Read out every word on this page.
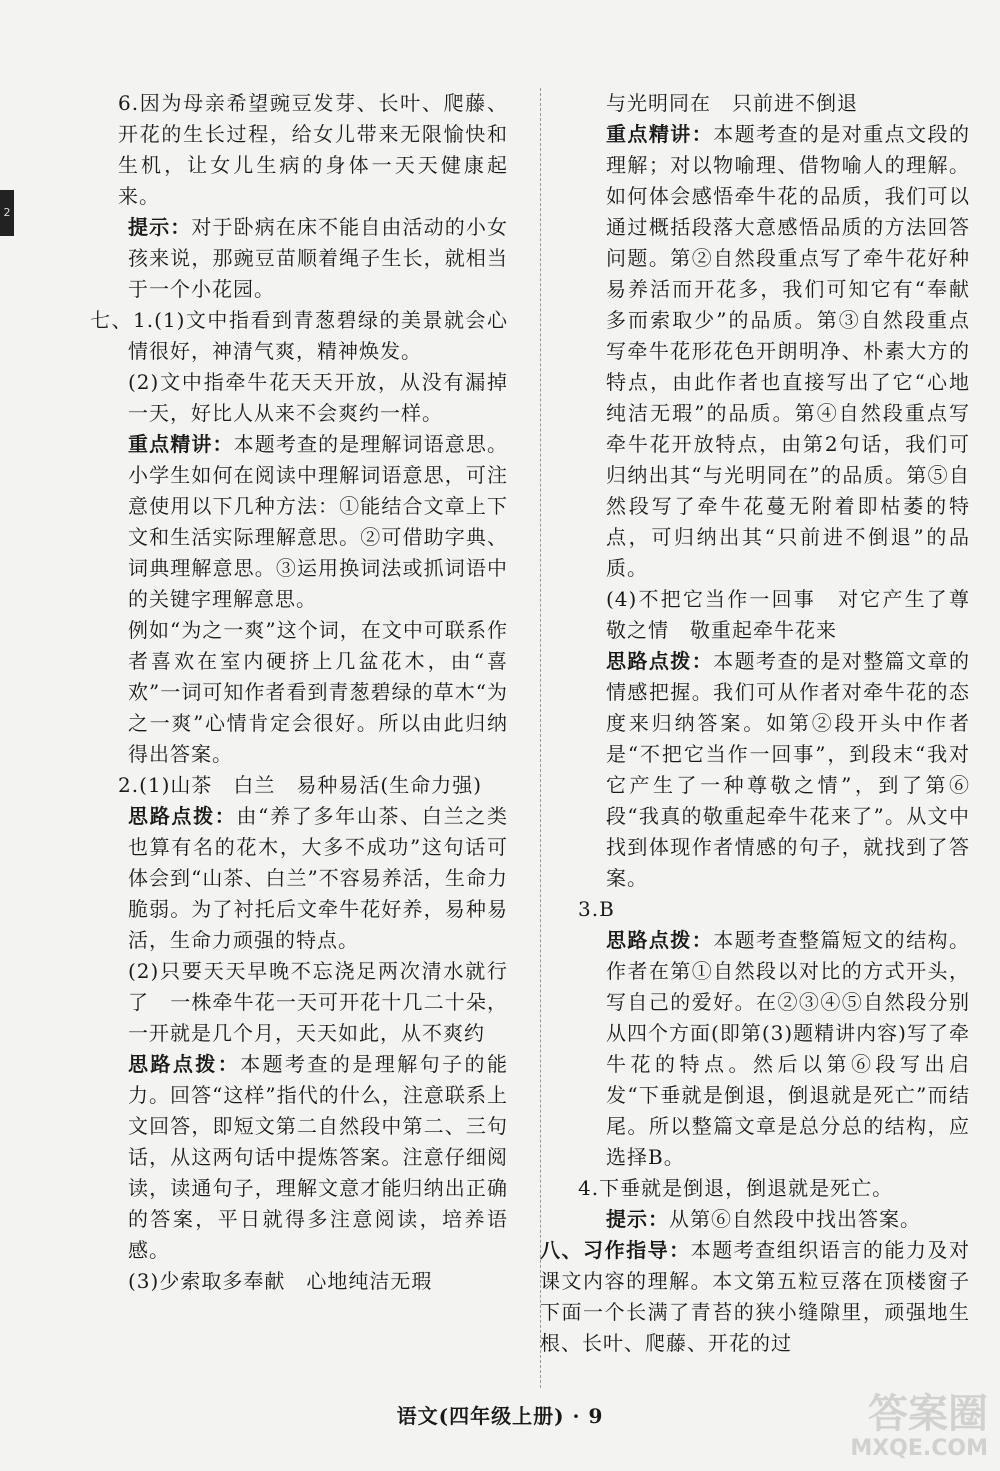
2

6.因为母亲希望豌豆发芽、长叶、爬藤、开花的生长过程，给女儿带来无限愉快和生机，让女儿生病的身体一天天健康起来。

提示：对于卧病在床不能自由活动的小女孩来说，那豌豆苗顺着绳子生长，就相当于一个小花园。

七、1.(1)文中指看到青葱碧绿的美景就会心情很好，神清气爽，精神焕发。

(2)文中指牵牛花天天开放，从没有漏掉一天，好比人从来不会爽约一样。

重点精讲：本题考查的是理解词语意思。小学生如何在阅读中理解词语意思，可注意使用以下几种方法：①能结合文章上下文和生活实际理解意思。②可借助字典、词典理解意思。③运用换词法或抓词语中的关键字理解意思。

例如“为之一爽”这个词，在文中可联系作者喜欢在室内硬挤上几盆花木，由“喜欢”一词可知作者看到青葱碧绿的草木“为之一爽”心情肯定会很好。所以由此归纳得出答案。

2.(1)山茶　白兰　易种易活(生命力强)

思路点拨：由“养了多年山茶、白兰之类也算有名的花木，大多不成功”这句话可体会到“山茶、白兰”不容易养活，生命力脆弱。为了衬托后文牵牛花好养，易种易活，生命力顽强的特点。

(2)只要天天早晚不忘浇足两次清水就行了　一株牵牛花一天可开花十几二十朵，一开就是几个月，天天如此，从不爽约

思路点拨：本题考查的是理解句子的能力。回答“这样”指代的什么，注意联系上文回答，即短文第二自然段中第二、三句话，从这两句话中提炼答案。注意仔细阅读，读通句子，理解文意才能归纳出正确的答案，平日就得多注意阅读，培养语感。

(3)少索取多奉献　心地纯洁无瑕

与光明同在　只前进不倒退

重点精讲：本题考查的是对重点文段的理解；对以物喻理、借物喻人的理解。如何体会感悟牵牛花的品质，我们可以通过概括段落大意感悟品质的方法回答问题。第②自然段重点写了牵牛花好种易养活而开花多，我们可知它有“奉献多而索取少”的品质。第③自然段重点写牵牛花形花色开朗明净、朴素大方的特点，由此作者也直接写出了它“心地纯洁无瑕”的品质。第④自然段重点写牵牛花开放特点，由第2句话，我们可归纳出其“与光明同在”的品质。第⑤自然段写了牵牛花蔓无附着即枯萎的特点，可归纳出其“只前进不倒退”的品质。

(4)不把它当作一回事　对它产生了尊敬之情　敬重起牵牛花来

思路点拨：本题考查的是对整篇文章的情感把握。我们可从作者对牵牛花的态度来归纳答案。如第②段开头中作者是“不把它当作一回事”，到段末“我对它产生了一种尊敬之情”，到了第⑥段“我真的敬重起牵牛花来了”。从文中找到体现作者情感的句子，就找到了答案。

3.B

思路点拨：本题考查整篇短文的结构。作者在第①自然段以对比的方式开头，写自己的爱好。在②③④⑤自然段分别从四个方面(即第(3)题精讲内容)写了牵牛花的特点。然后以第⑥段写出启发“下垂就是倒退，倒退就是死亡”而结尾。所以整篇文章是总分总的结构，应选择B。

4.下垂就是倒退，倒退就是死亡。

提示：从第⑥自然段中找出答案。

八、习作指导：本题考查组织语言的能力及对课文内容的理解。本文第五粒豆落在顶楼窗子下面一个长满了青苔的狭小缝隙里，顽强地生根、长叶、爬藤、开花的过

语文(四年级上册) · 9	答案圈
MXQE.COM
